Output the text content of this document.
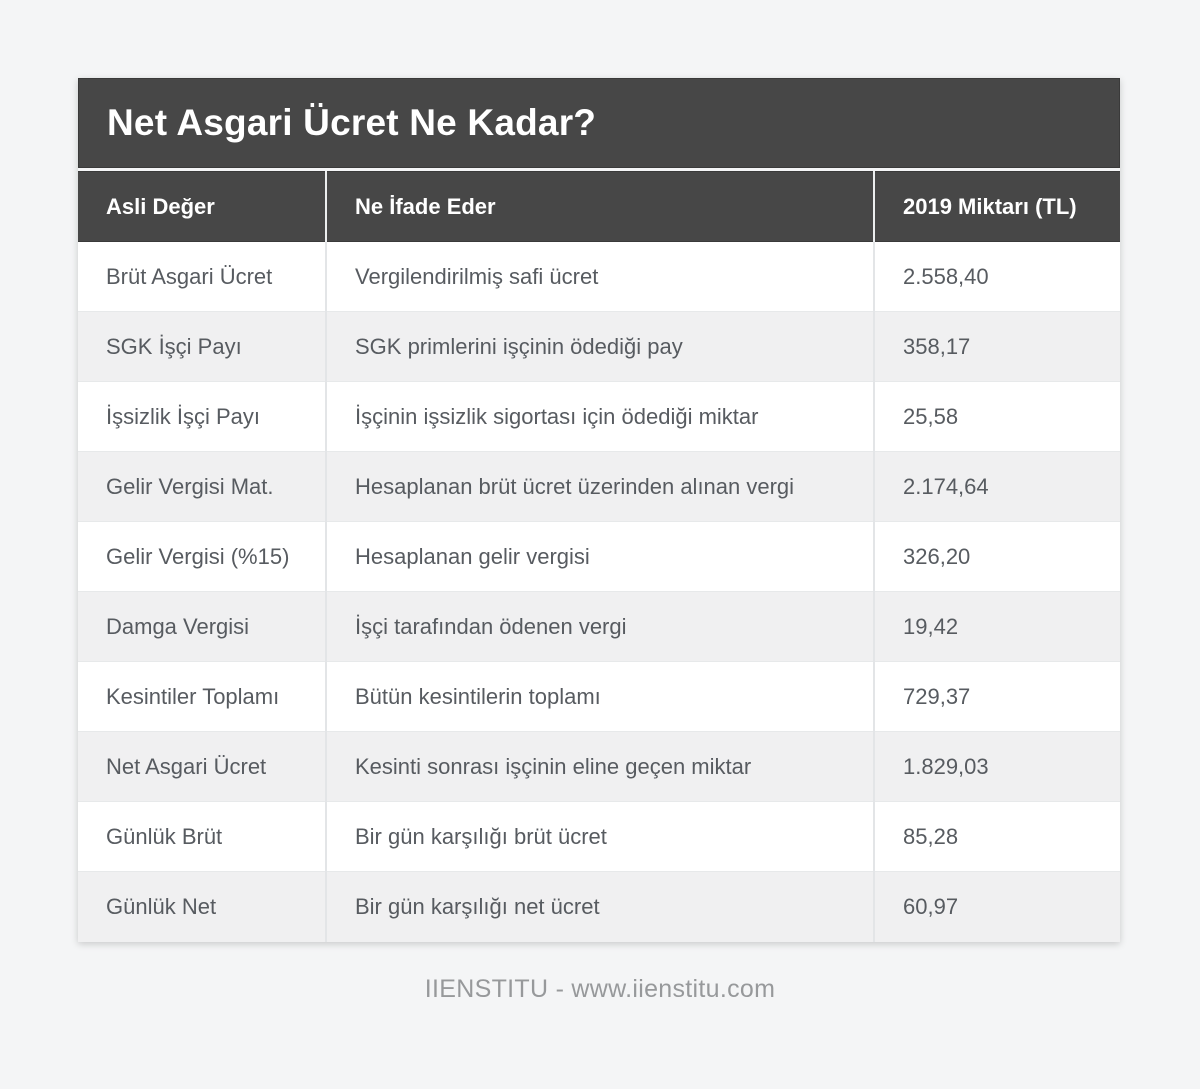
Net Asgari Ücret Ne Kadar?
Asli Değer	Ne İfade Eder	2019 Miktarı (TL)
Brüt Asgari Ücret	Vergilendirilmiş safi ücret	2.558,40
SGK İşçi Payı	SGK primlerini işçinin ödediği pay	358,17
İşsizlik İşçi Payı	İşçinin işsizlik sigortası için ödediği miktar	25,58
Gelir Vergisi Mat.	Hesaplanan brüt ücret üzerinden alınan vergi	2.174,64
Gelir Vergisi (%15)	Hesaplanan gelir vergisi	326,20
Damga Vergisi	İşçi tarafından ödenen vergi	19,42
Kesintiler Toplamı	Bütün kesintilerin toplamı	729,37
Net Asgari Ücret	Kesinti sonrası işçinin eline geçen miktar	1.829,03
Günlük Brüt	Bir gün karşılığı brüt ücret	85,28
Günlük Net	Bir gün karşılığı net ücret	60,97
IIENSTITU - www.iienstitu.com
